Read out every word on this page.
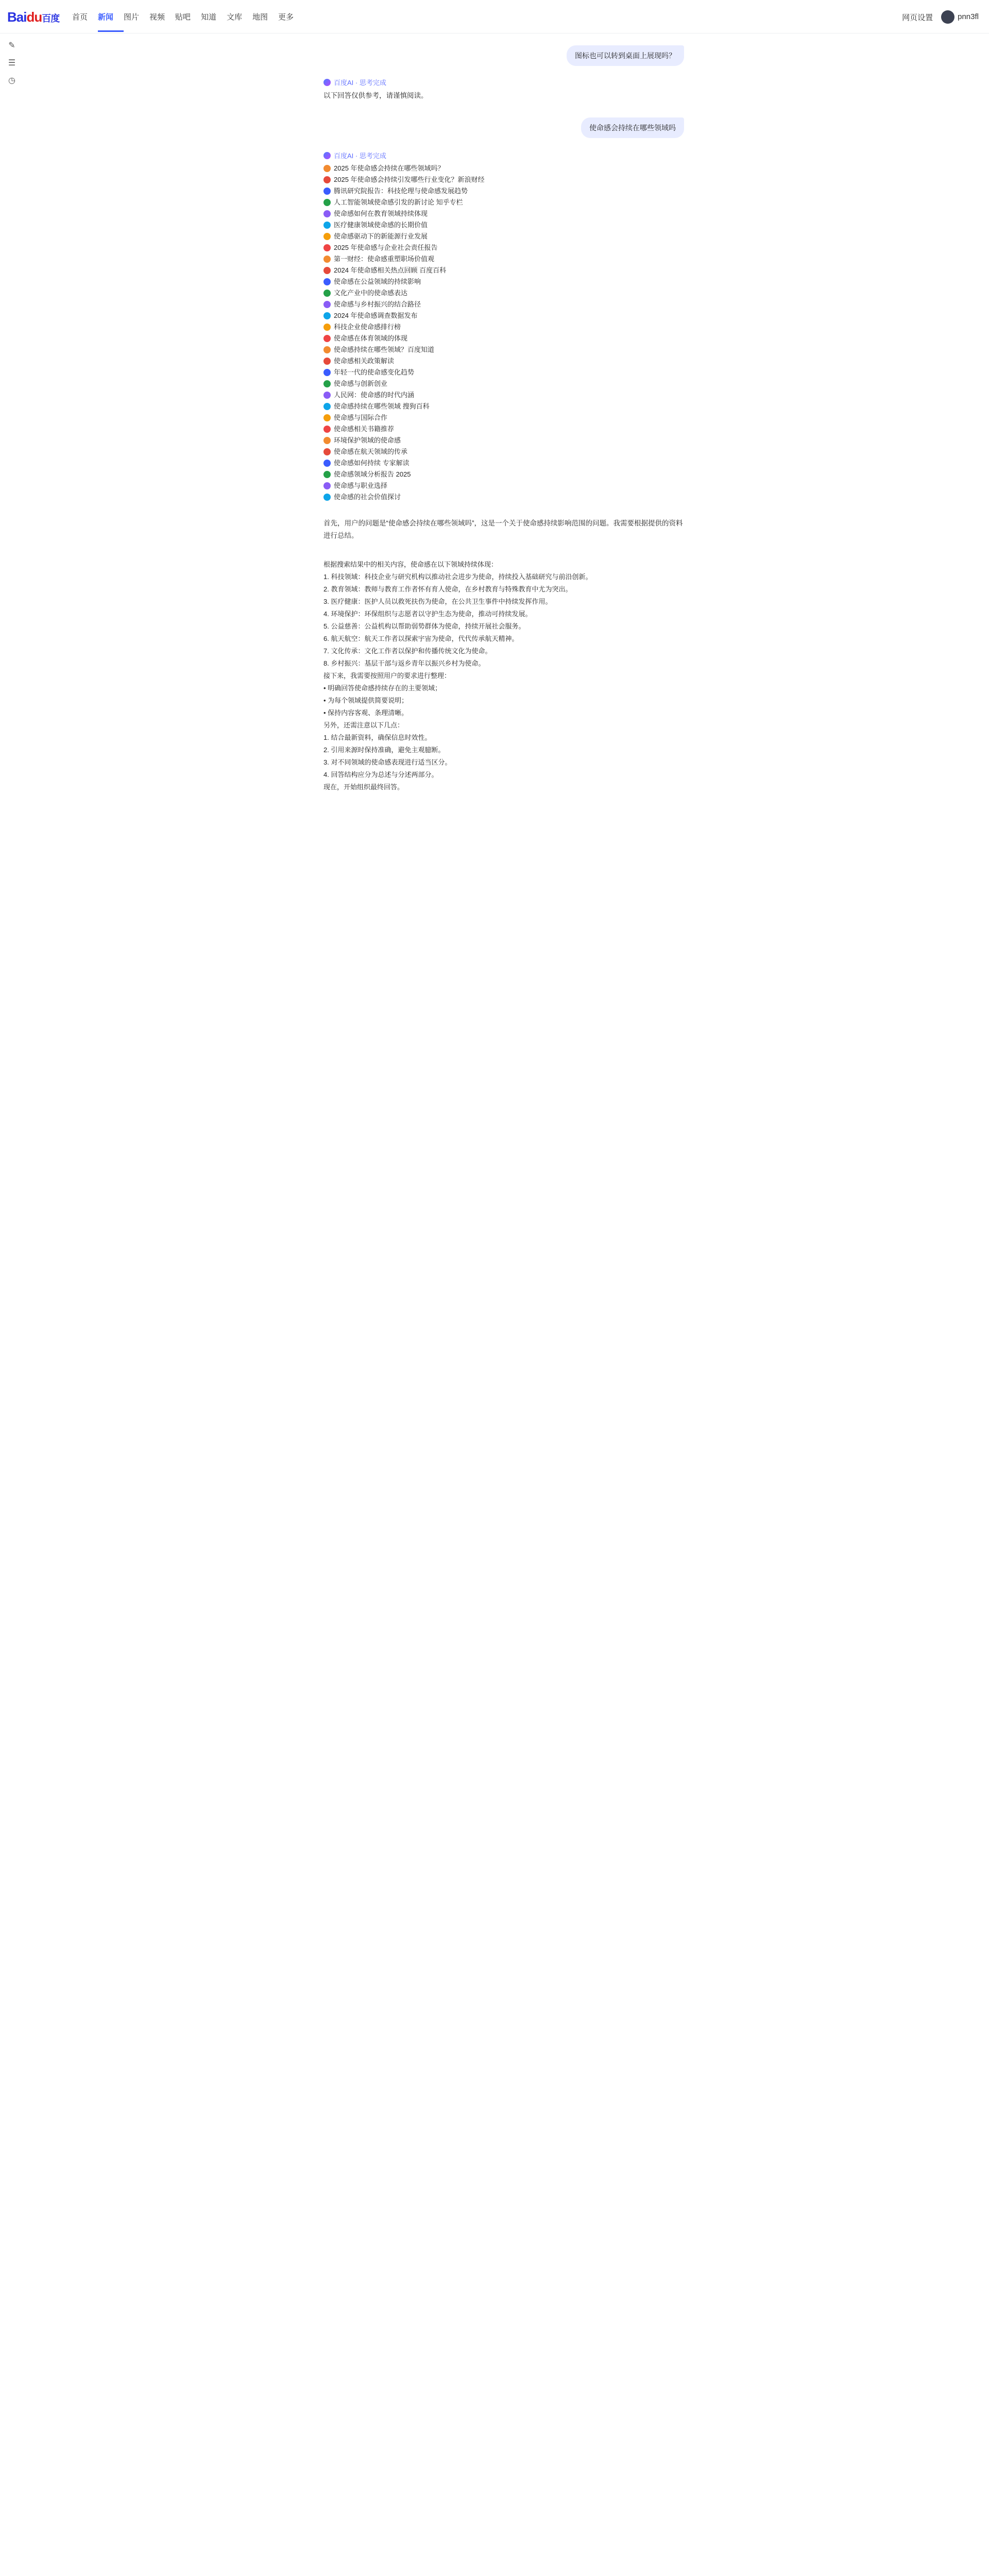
Baidu百度 首页	新闻	图片	视频	贴吧	知道	文库	地图	更多	网页设置	pnn3fl
✎
☰
◷
图标也可以转到桌面上展现吗？
百度AI · 思考完成
以下回答仅供参考，请谨慎阅读。
使命感会持续在哪些领域吗
百度AI · 思考完成
2025 年使命感会持续在哪些领域吗？
2025 年使命感会持续引发哪些行业变化？新浪财经
腾讯研究院报告：科技伦理与使命感发展趋势
人工智能领域使命感引发的新讨论 知乎专栏
使命感如何在教育领域持续体现
医疗健康领域使命感的长期价值
使命感驱动下的新能源行业发展
2025 年使命感与企业社会责任报告
第一财经：使命感重塑职场价值观
2024 年使命感相关热点回顾 百度百科
使命感在公益领域的持续影响
文化产业中的使命感表达
使命感与乡村振兴的结合路径
2024 年使命感调查数据发布
科技企业使命感排行榜
使命感在体育领域的体现
使命感持续在哪些领域？百度知道
使命感相关政策解读
年轻一代的使命感变化趋势
使命感与创新创业
人民网：使命感的时代内涵
使命感持续在哪些领域 搜狗百科
使命感与国际合作
使命感相关书籍推荐
环境保护领域的使命感
使命感在航天领域的传承
使命感如何持续 专家解读
使命感领域分析报告 2025
使命感与职业选择
使命感的社会价值探讨
首先，用户的问题是“使命感会持续在哪些领域吗”，这是一个关于使命感持续影响范围的问题。我需要根据提供的资料进行总结。
根据搜索结果中的相关内容，使命感在以下领域持续体现：
1. 科技领域：科技企业与研究机构以推动社会进步为使命，持续投入基础研究与前沿创新。
2. 教育领域：教师与教育工作者怀有育人使命，在乡村教育与特殊教育中尤为突出。
3. 医疗健康：医护人员以救死扶伤为使命，在公共卫生事件中持续发挥作用。
4. 环境保护：环保组织与志愿者以守护生态为使命，推动可持续发展。
5. 公益慈善：公益机构以帮助弱势群体为使命，持续开展社会服务。
6. 航天航空：航天工作者以探索宇宙为使命，代代传承航天精神。
7. 文化传承：文化工作者以保护和传播传统文化为使命。
8. 乡村振兴：基层干部与返乡青年以振兴乡村为使命。
接下来，我需要按照用户的要求进行整理：
• 明确回答使命感持续存在的主要领域；
• 为每个领域提供简要说明；
• 保持内容客观、条理清晰。
另外，还需注意以下几点：
1. 结合最新资料，确保信息时效性。
2. 引用来源时保持准确，避免主观臆断。
3. 对不同领域的使命感表现进行适当区分。
4. 回答结构应分为总述与分述两部分。
现在，开始组织最终回答。
